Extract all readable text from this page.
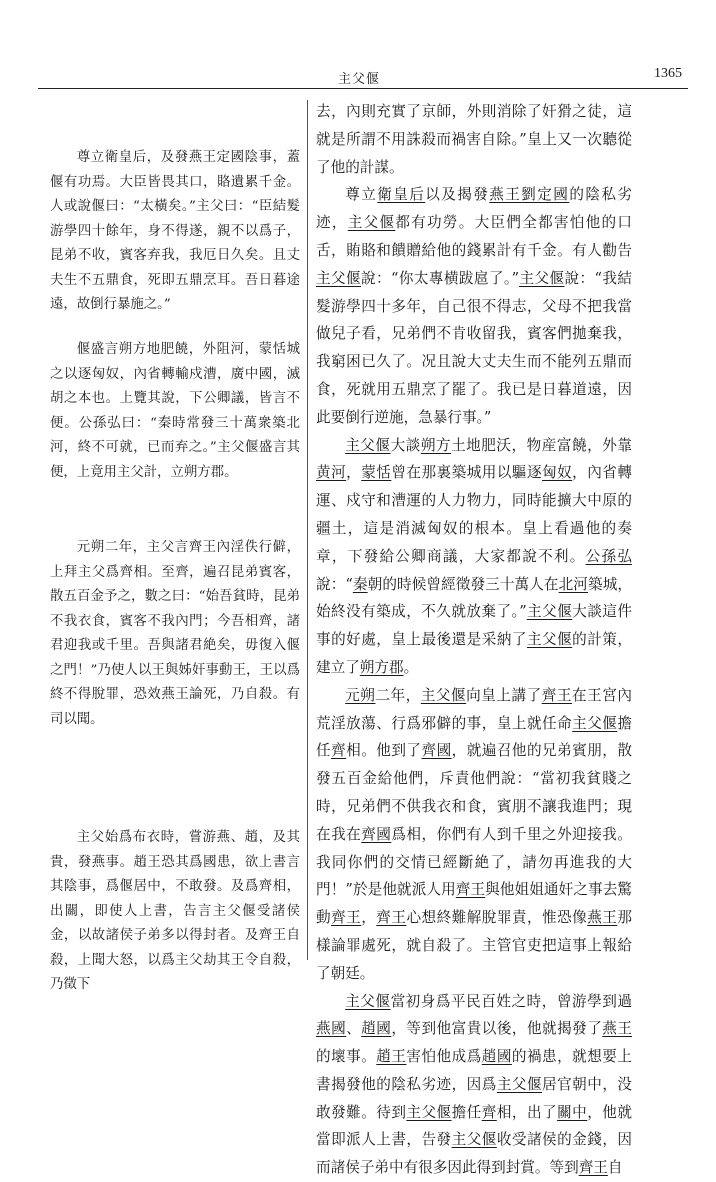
主父偃	1365

尊立衛皇后，及發燕王定國陰事，蓋偃有功焉。大臣皆畏其口，賂遺累千金。人或說偃曰：“太橫矣。”主父曰：“臣結髮游學四十餘年，身不得遂，親不以爲子，昆弟不收，賓客弃我，我厄日久矣。且丈夫生不五鼎食，死即五鼎烹耳。吾日暮途遠，故倒行暴施之。”

偃盛言朔方地肥饒，外阻河，蒙恬城之以逐匈奴，內省轉輸戍漕，廣中國，滅胡之本也。上覽其說，下公卿議，皆言不便。公孫弘曰：“秦時常發三十萬衆築北河，終不可就，已而弃之。”主父偃盛言其便，上竟用主父計，立朔方郡。

元朔二年，主父言齊王內淫佚行僻，上拜主父爲齊相。至齊，遍召昆弟賓客，散五百金予之，數之曰：“始吾貧時，昆弟不我衣食，賓客不我內門；今吾相齊，諸君迎我或千里。吾與諸君絶矣，毋復入偃之門！”乃使人以王與姊奸事動王，王以爲終不得脫罪，恐效燕王論死，乃自殺。有司以聞。

主父始爲布衣時，嘗游燕、趙，及其貴，發燕事。趙王恐其爲國患，欲上書言其陰事，爲偃居中，不敢發。及爲齊相，出關，即使人上書，告言主父偃受諸侯金，以故諸侯子弟多以得封者。及齊王自殺，上聞大怒，以爲主父劫其王令自殺，乃徵下

去，內則充實了京師，外則消除了奸猾之徒，這就是所謂不用誅殺而禍害自除。”皇上又一次聽從了他的計謀。

尊立衛皇后以及揭發燕王劉定國的陰私劣迹，主父偃都有功勞。大臣們全都害怕他的口舌，賄賂和饋贈給他的錢累計有千金。有人勸告主父偃說：“你太專横跋扈了。”主父偃說：“我結髮游學四十多年，自己很不得志，父母不把我當做兒子看，兄弟們不肯收留我，賓客們拋棄我，我窮困已久了。况且說大丈夫生而不能列五鼎而食，死就用五鼎烹了罷了。我已是日暮道遠，因此要倒行逆施，急暴行事。”

主父偃大談朔方土地肥沃，物産富饒，外靠黄河，蒙恬曾在那裏築城用以驅逐匈奴，內省轉運、戍守和漕運的人力物力，同時能擴大中原的疆土，這是消滅匈奴的根本。皇上看過他的奏章，下發給公卿商議，大家都說不利。公孫弘說：“秦朝的時候曾經徵發三十萬人在北河築城，始終没有築成，不久就放棄了。”主父偃大談這件事的好處，皇上最後還是采納了主父偃的計策，建立了朔方郡。

元朔二年，主父偃向皇上講了齊王在王宮內荒淫放蕩、行爲邪僻的事，皇上就任命主父偃擔任齊相。他到了齊國，就遍召他的兄弟賓朋，散發五百金給他們，斥責他們說：“當初我貧賤之時，兄弟們不供我衣和食，賓朋不讓我進門；現在我在齊國爲相，你們有人到千里之外迎接我。我同你們的交情已經斷絶了，請勿再進我的大門！”於是他就派人用齊王與他姐姐通奸之事去驚動齊王，齊王心想終難解脫罪責，惟恐像燕王那樣論罪處死，就自殺了。主管官吏把這事上報給了朝廷。

主父偃當初身爲平民百姓之時，曾游學到過燕國、趙國，等到他富貴以後，他就揭發了燕王的壞事。趙王害怕他成爲趙國的禍患，就想要上書揭發他的陰私劣迹，因爲主父偃居官朝中，没敢發難。待到主父偃擔任齊相，出了關中，他就當即派人上書，告發主父偃收受諸侯的金錢，因而諸侯子弟中有很多因此得到封賞。等到齊王自
